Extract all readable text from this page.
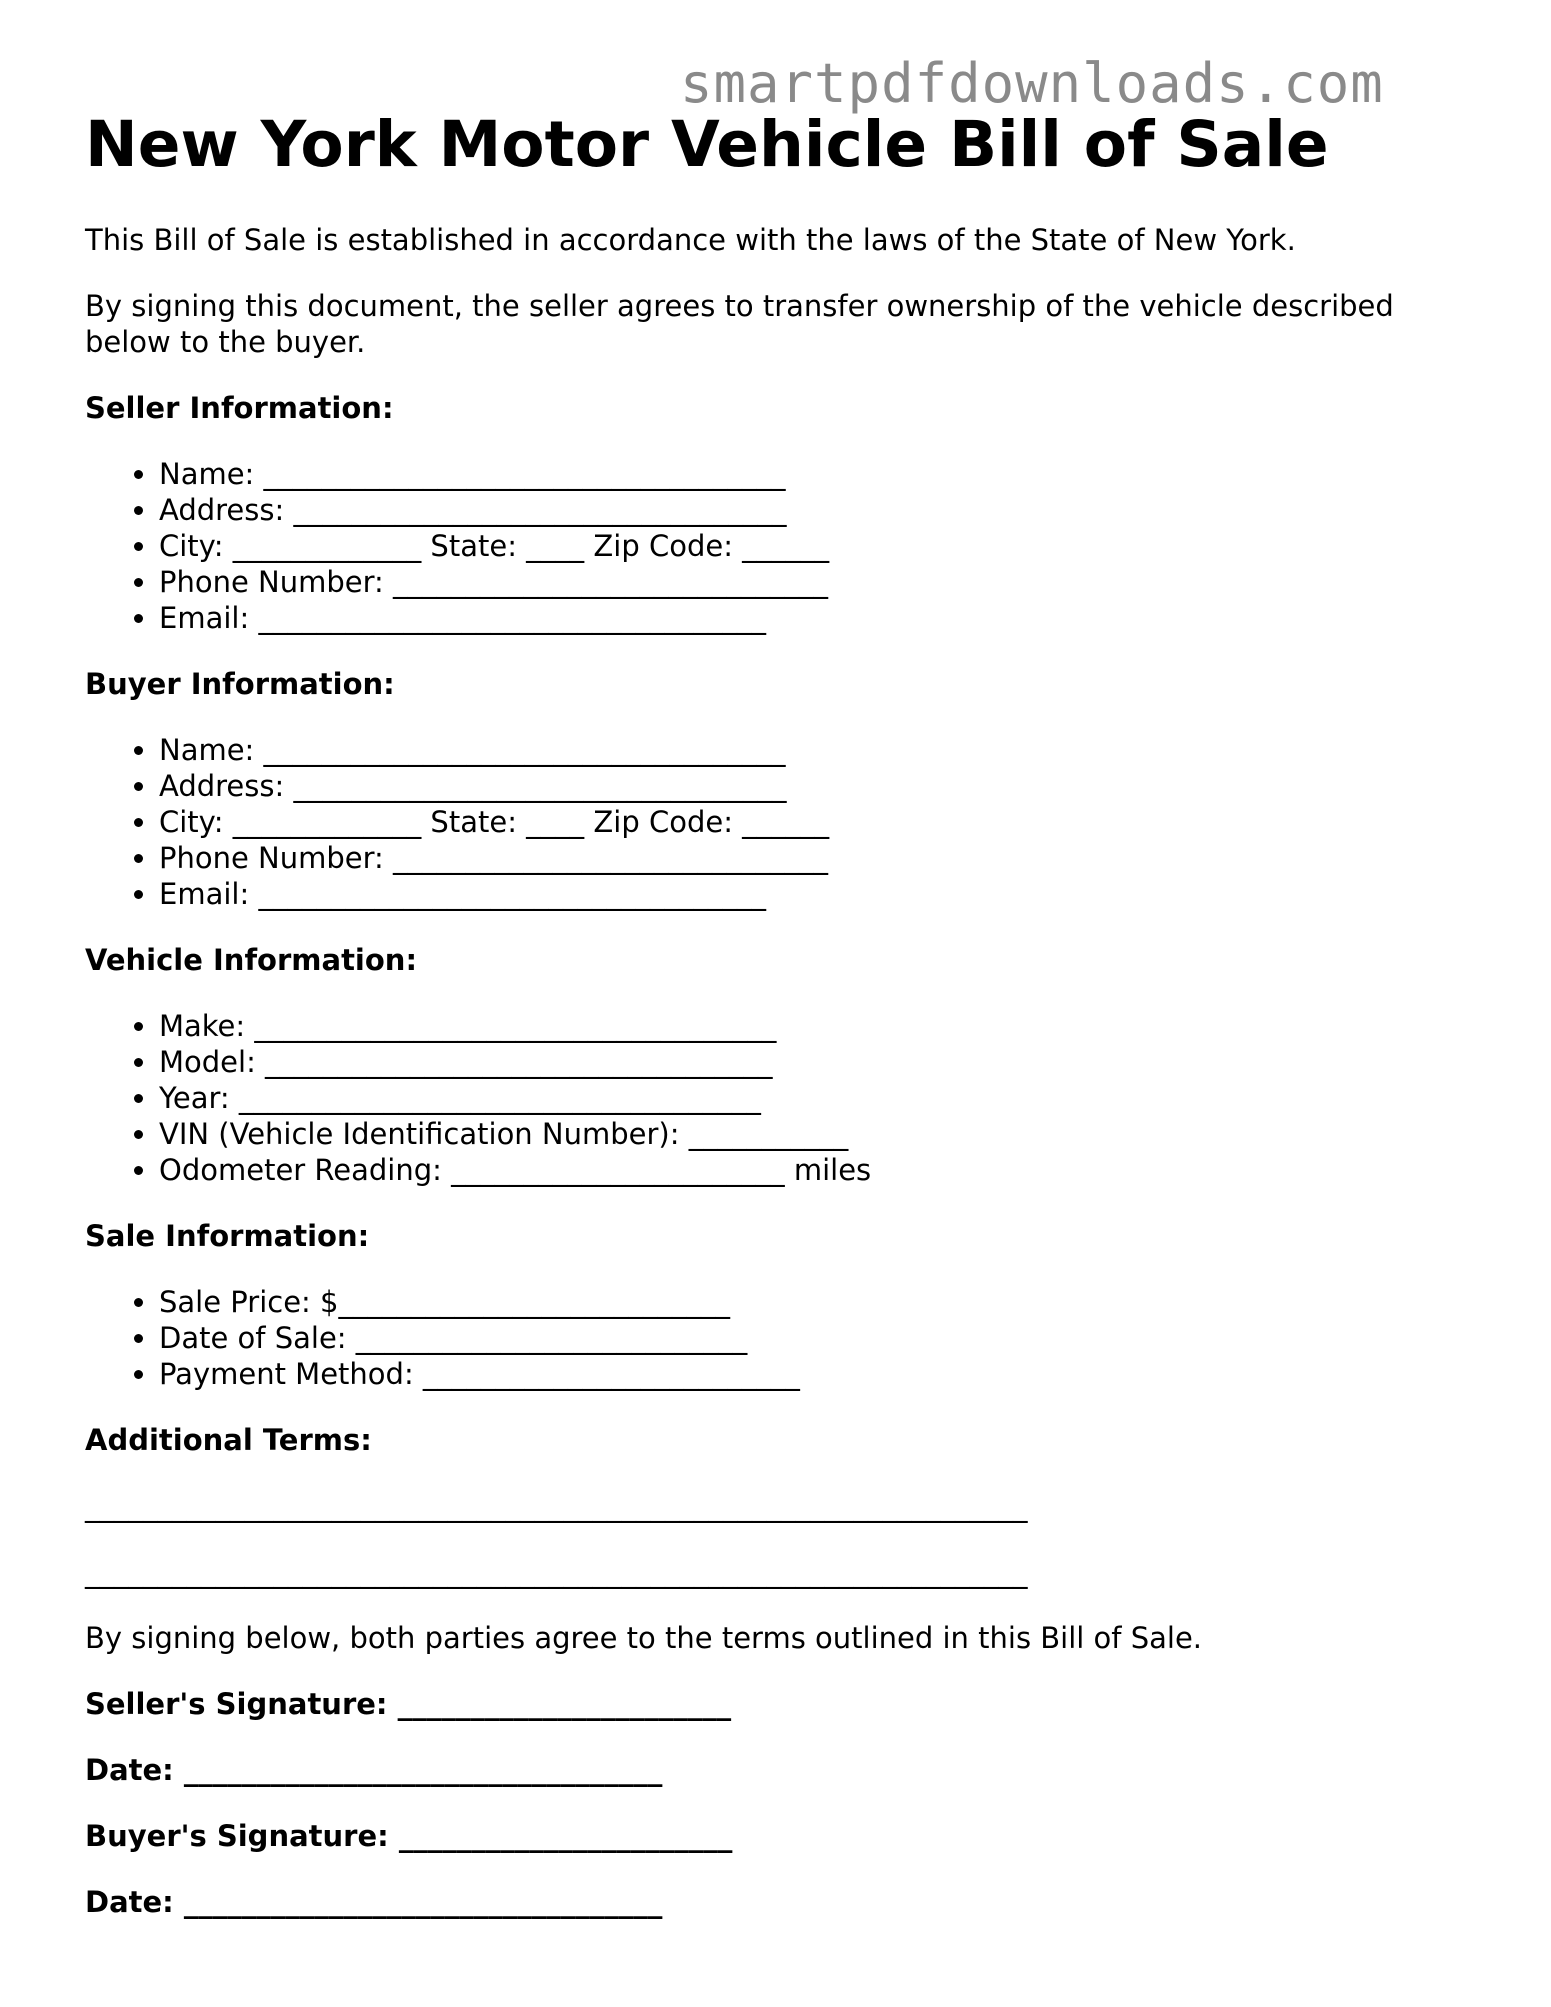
smartpdfdownloads.com
New York Motor Vehicle Bill of Sale

This Bill of Sale is established in accordance with the laws of the State of New York.

By signing this document, the seller agrees to transfer ownership of the vehicle described below to the buyer.

Seller Information:
• Name: ____________________________________
• Address: __________________________________
• City: _____________ State: ____ Zip Code: ______
• Phone Number: ______________________________
• Email: ___________________________________
Buyer Information:
• Name: ____________________________________
• Address: __________________________________
• City: _____________ State: ____ Zip Code: ______
• Phone Number: ______________________________
• Email: ___________________________________
Vehicle Information:
• Make: ____________________________________
• Model: ___________________________________
• Year: ____________________________________
• VIN (Vehicle Identification Number): ___________
• Odometer Reading: _______________________ miles
Sale Information:
• Sale Price: $___________________________
• Date of Sale: ___________________________
• Payment Method: __________________________
Additional Terms:
_________________________________________________________________
_________________________________________________________________

By signing below, both parties agree to the terms outlined in this Bill of Sale.

Seller's Signature: _______________________
Date: _________________________________
Buyer's Signature: _______________________
Date: _________________________________
